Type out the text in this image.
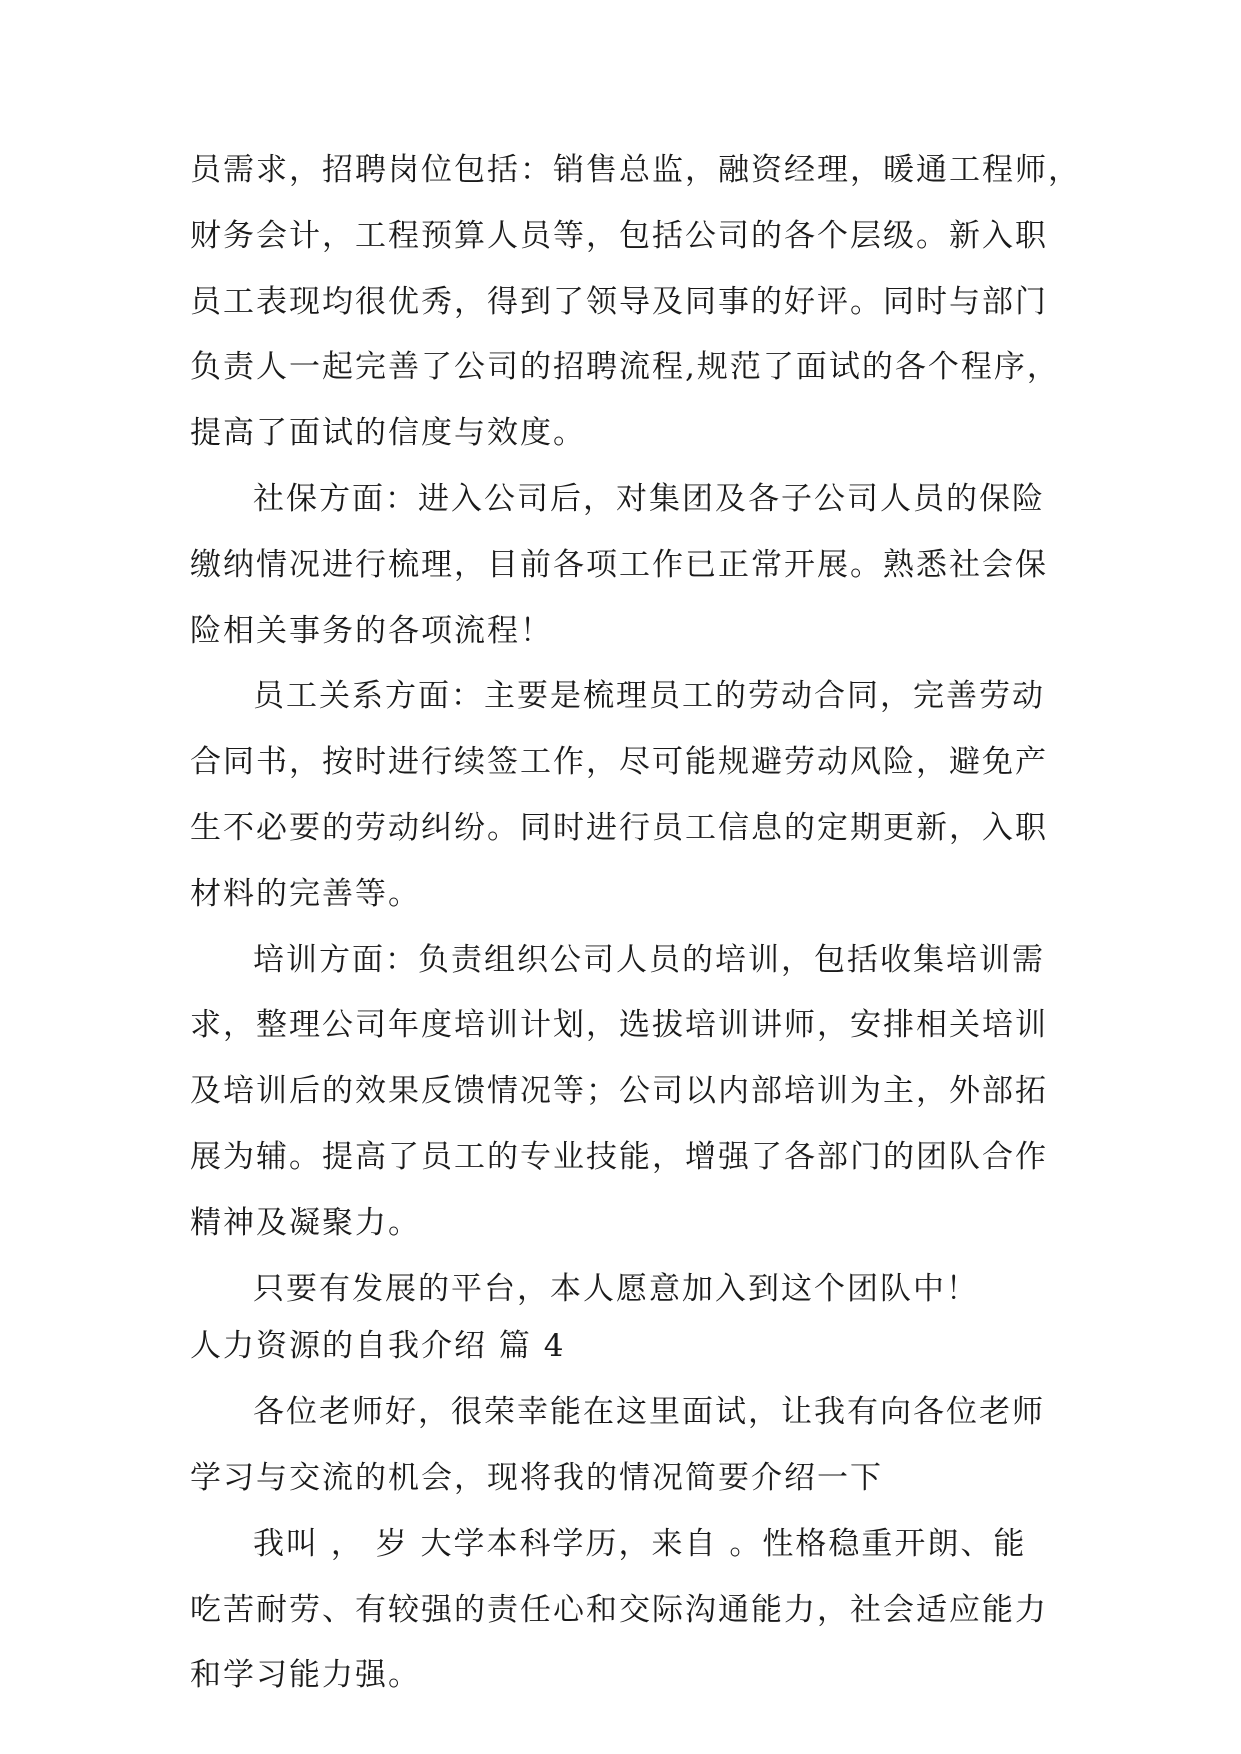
员需求，招聘岗位包括：销售总监，融资经理，暖通工程师，
财务会计，工程预算人员等，包括公司的各个层级。新入职
员工表现均很优秀，得到了领导及同事的好评。同时与部门
负责人一起完善了公司的招聘流程,规范了面试的各个程序，
提高了面试的信度与效度。
社保方面：进入公司后，对集团及各子公司人员的保险
缴纳情况进行梳理，目前各项工作已正常开展。熟悉社会保
险相关事务的各项流程！
员工关系方面：主要是梳理员工的劳动合同，完善劳动
合同书，按时进行续签工作，尽可能规避劳动风险，避免产
生不必要的劳动纠纷。同时进行员工信息的定期更新，入职
材料的完善等。
培训方面：负责组织公司人员的培训，包括收集培训需
求，整理公司年度培训计划，选拔培训讲师，安排相关培训
及培训后的效果反馈情况等；公司以内部培训为主，外部拓
展为辅。提高了员工的专业技能，增强了各部门的团队合作
精神及凝聚力。
只要有发展的平台，本人愿意加入到这个团队中！
人力资源的自我介绍 篇 4
各位老师好，很荣幸能在这里面试，让我有向各位老师
学习与交流的机会，现将我的情况简要介绍一下
我叫 ， 岁 大学本科学历，来自 。性格稳重开朗、能
吃苦耐劳、有较强的责任心和交际沟通能力，社会适应能力
和学习能力强。
